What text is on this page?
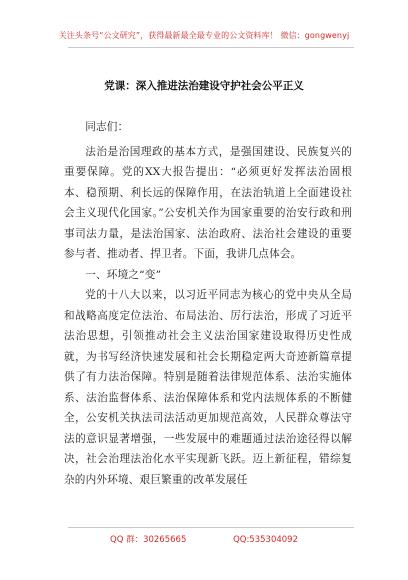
关注头条号“公文研究”，获得最新最全最专业的公文资料库！ 微信：gongwenyj
党课：深入推进法治建设守护社会公平正义

同志们：

法治是治国理政的基本方式，是强国建设、民族复兴的重要保障。党的XX大报告提出：“必须更好发挥法治固根本、稳预期、利长远的保障作用，在法治轨道上全面建设社会主义现代化国家。”公安机关作为国家重要的治安行政和刑事司法力量，是法治国家、法治政府、法治社会建设的重要参与者、推动者、捍卫者。下面，我讲几点体会。

一、环境之“变”

党的十八大以来，以习近平同志为核心的党中央从全局和战略高度定位法治、布局法治、厉行法治，形成了习近平法治思想，引领推动社会主义法治国家建设取得历史性成就，为书写经济快速发展和社会长期稳定两大奇迹新篇章提供了有力法治保障。特别是随着法律规范体系、法治实施体系、法治监督体系、法治保障体系和党内法规体系的不断健全，公安机关执法司法活动更加规范高效，人民群众尊法守法的意识显著增强，一些发展中的难题通过法治途径得以解决，社会治理法治化水平实现新飞跃。迈上新征程，错综复杂的内外环境、艰巨繁重的改革发展任

QQ 群：30265665	QQ:535304092
